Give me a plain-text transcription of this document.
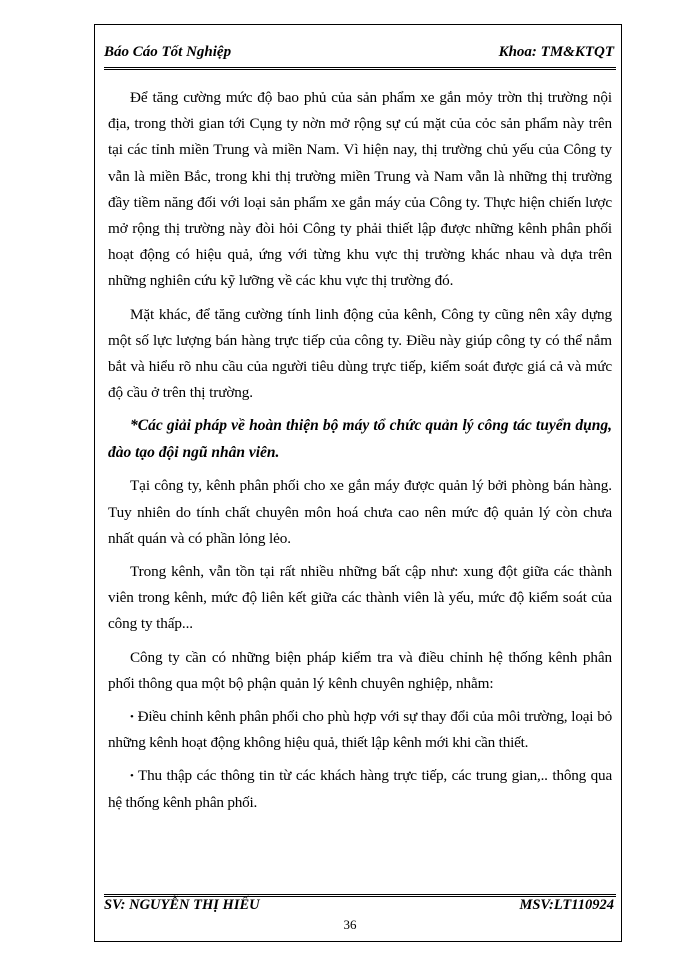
Báo Cáo Tốt Nghiệp	Khoa: TM&KTQT

Để tăng cường mức độ bao phủ của sản phẩm xe gắn mỏy trờn thị trường nội địa, trong thời gian tới Cụng ty nờn mở rộng sự cú mặt của cỏc sản phẩm này trên tại các tỉnh miền Trung và miền Nam. Vì hiện nay, thị trường chủ yếu của Công ty vẫn là miền Bắc, trong khi thị trường miền Trung và Nam vẫn là những thị trường đầy tiềm năng đối với loại sản phẩm xe gắn máy của Công ty. Thực hiện chiến lược mở rộng thị trường này đòi hỏi Công ty phải thiết lập được những kênh phân phối hoạt động có hiệu quả, ứng với từng khu vực thị trường khác nhau và dựa trên những nghiên cứu kỹ lưỡng về các khu vực thị trường đó.

Mặt khác, để tăng cường tính linh động của kênh, Công ty cũng nên xây dựng một số lực lượng bán hàng trực tiếp của công ty. Điều này giúp công ty có thể nắm bắt và hiểu rõ nhu cầu của người tiêu dùng trực tiếp, kiểm soát được giá cả và mức độ cầu ở trên thị trường.

*Các giải pháp về hoàn thiện bộ máy tổ chức quản lý công tác tuyển dụng, đào tạo đội ngũ nhân viên.

Tại công ty, kênh phân phối cho xe gắn máy được quản lý bởi phòng bán hàng. Tuy nhiên do tính chất chuyên môn hoá chưa cao nên mức độ quản lý còn chưa nhất quán và có phần lỏng lẻo.

Trong kênh, vẫn tồn tại rất nhiều những bất cập như: xung đột giữa các thành viên trong kênh, mức độ liên kết giữa các thành viên là yếu, mức độ kiểm soát của công ty thấp...

Công ty cần có những biện pháp kiểm tra và điều chỉnh hệ thống kênh phân phối thông qua một bộ phận quản lý kênh chuyên nghiệp, nhằm:

• Điều chỉnh kênh phân phối cho phù hợp với sự thay đổi của môi trường, loại bỏ những kênh hoạt động không hiệu quả, thiết lập kênh mới khi cần thiết.

• Thu thập các thông tin từ các khách hàng trực tiếp, các trung gian,.. thông qua hệ thống kênh phân phối.

SV: NGUYỄN THỊ HIẾU	MSV:LT110924
36
